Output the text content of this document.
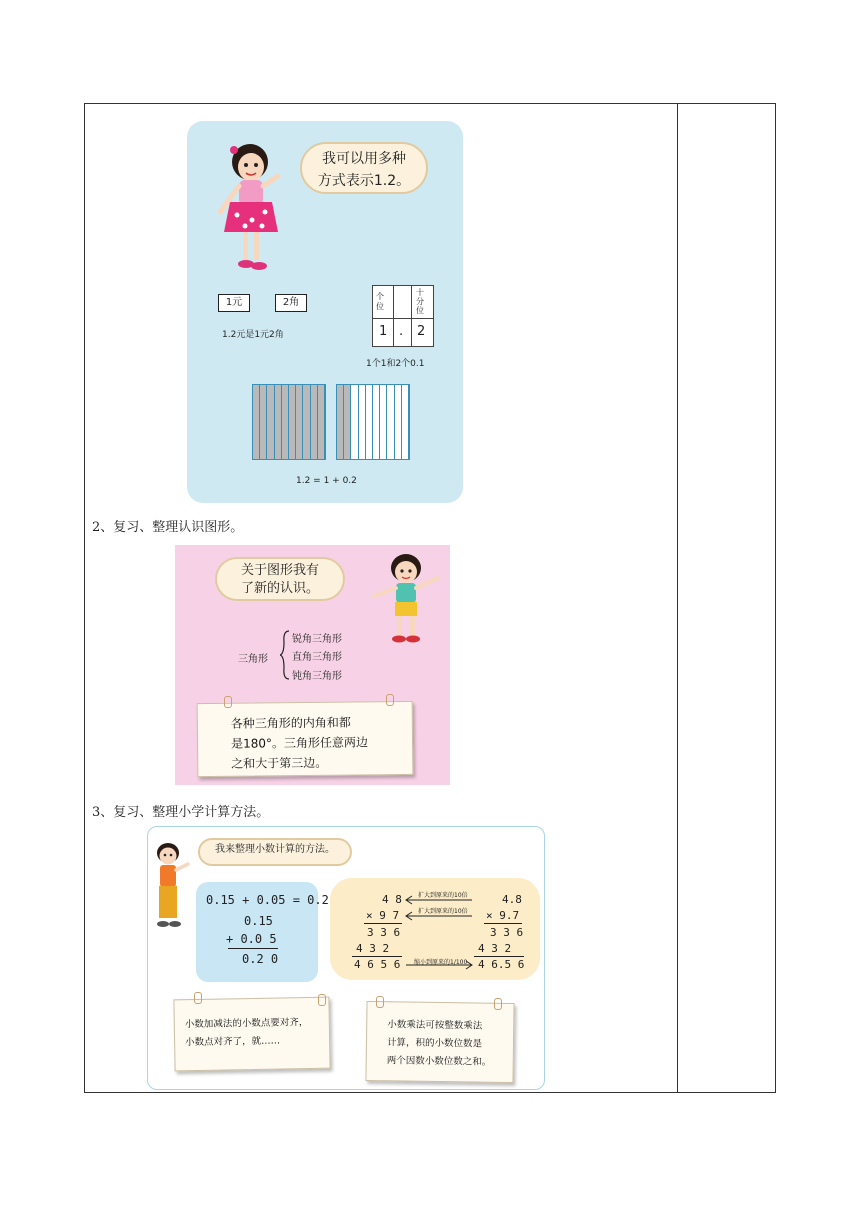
我可以用多种
方式表示1.2。
1元	2角
1.2元是1元2角
个位
十分位
1 . 2
1个1和2个0.1
1.2 = 1 + 0.2
2、复习、整理认识图形。
关于图形我有
了新的认识。
三角形
锐角三角形
直角三角形
钝角三角形
各种三角形的内角和都
是180°。三角形任意两边
之和大于第三边。
3、复习、整理小学计算方法。
我来整理小数计算的方法。
0.15 + 0.05 = 0.2
0.15
+ 0.0 5
0.2 0
4 8
× 9 7
3 3 6
4 3 2
4 6 5 6
4.8
× 9.7
3 3 6
4 3 2
4 6.5 6
扩大到原来的10倍
扩大到原来的10倍
缩小到原来的1/100
小数加减法的小数点要对齐，
小数点对齐了，就……
小数乘法可按整数乘法
计算，积的小数位数是
两个因数小数位数之和。
